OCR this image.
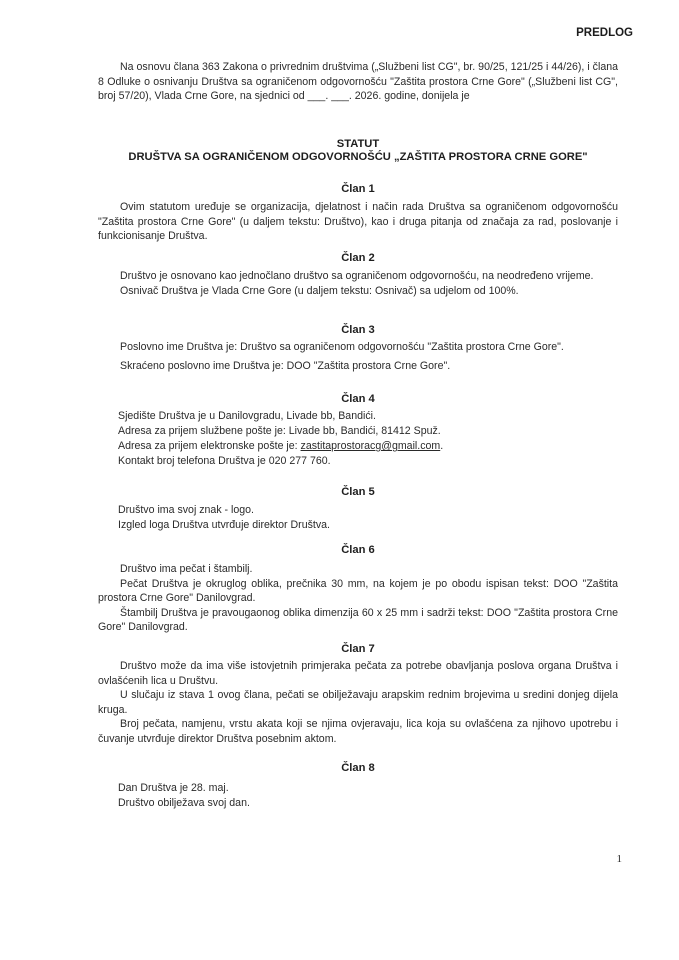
PREDLOG

Na osnovu člana 363 Zakona o privrednim društvima („Službeni list CG", br. 90/25, 121/25 i 44/26), i člana 8 Odluke o osnivanju Društva sa ograničenom odgovornošću "Zaštita prostora Crne Gore" („Službeni list CG", broj 57/20), Vlada Crne Gore, na sjednici od ___. ___. 2026. godine, donijela je

STATUT
DRUŠTVA SA OGRANIČENOM ODGOVORNOŠĆU „ZAŠTITA PROSTORA CRNE GORE"
Član 1

Ovim statutom uređuje se organizacija, djelatnost i način rada Društva sa ograničenom odgovornošću "Zaštita prostora Crne Gore" (u daljem tekstu: Društvo), kao i druga pitanja od značaja za rad, poslovanje i funkcionisanje Društva.

Član 2

Društvo je osnovano kao jednočlano društvo sa ograničenom odgovornošću, na neodređeno vrijeme.

Osnivač Društva je Vlada Crne Gore (u daljem tekstu: Osnivač) sa udjelom od 100%.

Član 3

Poslovno ime Društva je: Društvo sa ograničenom odgovornošću "Zaštita prostora Crne Gore".

Skraćeno poslovno ime Društva je: DOO "Zaštita prostora Crne Gore".

Član 4

Sjedište Društva je u Danilovgradu, Livade bb, Bandići.

Adresa za prijem službene pošte je: Livade bb, Bandići, 81412 Spuž.

Adresa za prijem elektronske pošte je: zastitaprostoracg@gmail.com.

Kontakt broj telefona Društva je 020 277 760.

Član 5

Društvo ima svoj znak - logo.

Izgled loga Društva utvrđuje direktor Društva.

Član 6

Društvo ima pečat i štambilj.

Pečat Društva je okruglog oblika, prečnika 30 mm, na kojem je po obodu ispisan tekst: DOO "Zaštita prostora Crne Gore" Danilovgrad.

Štambilj Društva je pravougaonog oblika dimenzija 60 x 25 mm i sadrži tekst: DOO "Zaštita prostora Crne Gore" Danilovgrad.

Član 7

Društvo može da ima više istovjetnih primjeraka pečata za potrebe obavljanja poslova organa Društva i ovlašćenih lica u Društvu.

U slučaju iz stava 1 ovog člana, pečati se obilježavaju arapskim rednim brojevima u sredini donjeg dijela kruga.

Broj pečata, namjenu, vrstu akata koji se njima ovjeravaju, lica koja su ovlašćena za njihovo upotrebu i čuvanje utvrđuje direktor Društva posebnim aktom.

Član 8

Dan Društva je 28. maj.

Društvo obilježava svoj dan.

1
